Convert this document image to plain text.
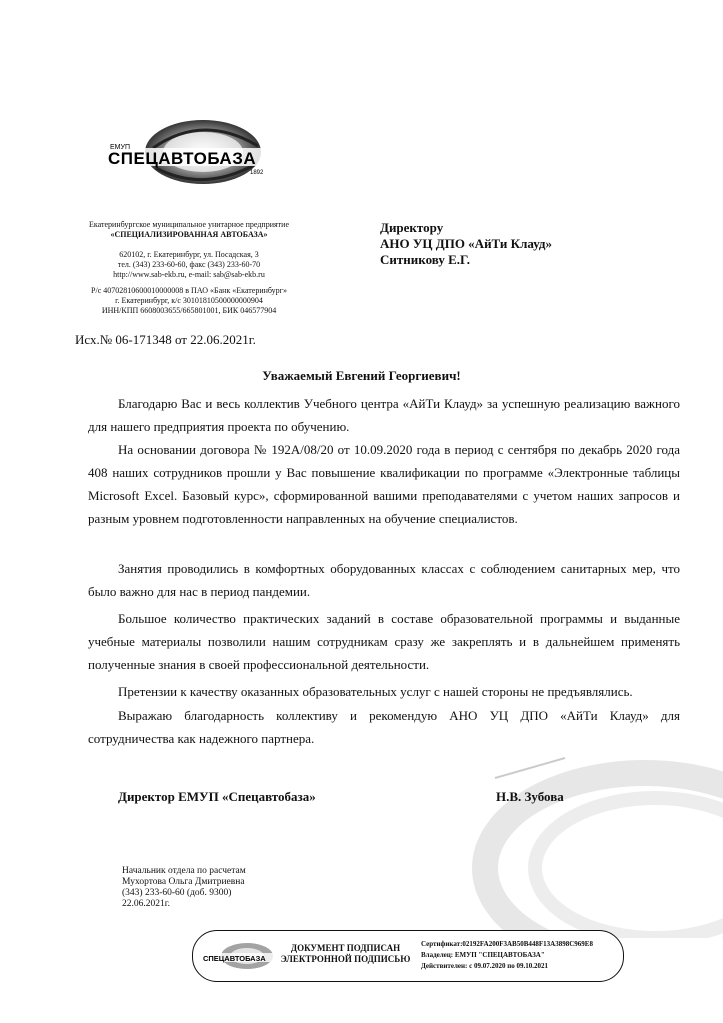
ЕМУП
СПЕЦАВТОБАЗА
1892
Екатеринбургское муниципальное унитарное предприятие
«СПЕЦИАЛИЗИРОВАННАЯ АВТОБАЗА»
620102, г. Екатеринбург, ул. Посадская, 3
тел. (343) 233-60-60, факс (343) 233-60-70
http://www.sab-ekb.ru, e-mail: sab@sab-ekb.ru
Р/с 40702810600010000008 в ПАО «Банк «Екатеринбург»
г. Екатеринбург, к/с 30101810500000000904
ИНН/КПП 6608003655/665801001, БИК 046577904
Директору
АНО УЦ ДПО «АйТи Клауд»
Ситникову Е.Г.
Исх.№ 06-171348 от 22.06.2021г.
Уважаемый Евгений Георгиевич!
Благодарю Вас и весь коллектив Учебного центра «АйТи Клауд» за успешную реализацию важного для нашего предприятия проекта по обучению.
На основании договора № 192А/08/20 от 10.09.2020 года в период с сентября по декабрь 2020 года 408 наших сотрудников прошли у Вас повышение квалификации по программе «Электронные таблицы Microsoft Excel. Базовый курс», сформированной вашими преподавателями с учетом наших запросов и разным уровнем подготовленности направленных на обучение специалистов.
Занятия проводились в комфортных оборудованных классах с соблюдением санитарных мер, что было важно для нас в период пандемии.
Большое количество практических заданий в составе образовательной программы и выданные учебные материалы позволили нашим сотрудникам сразу же закреплять и в дальнейшем применять полученные знания в своей профессиональной деятельности.
Претензии к качеству оказанных образовательных услуг с нашей стороны не предъявлялись.
Выражаю благодарность коллективу и рекомендую АНО УЦ ДПО «АйТи Клауд» для сотрудничества как надежного партнера.
Директор ЕМУП «Спецавтобаза»	Н.В. Зубова
Начальник отдела по расчетам
Мухортова Ольга Дмитриевна
(343) 233-60-60 (доб. 9300)
22.06.2021г.
СПЕЦАВТОБАЗА
ДОКУМЕНТ ПОДПИСАН
ЭЛЕКТРОННОЙ ПОДПИСЬЮ
Сертификат:02192FA200F3AB50B448F13A3898C969E8
Владелец: ЕМУП "СПЕЦАВТОБАЗА"
Действителен: с 09.07.2020 по 09.10.2021
